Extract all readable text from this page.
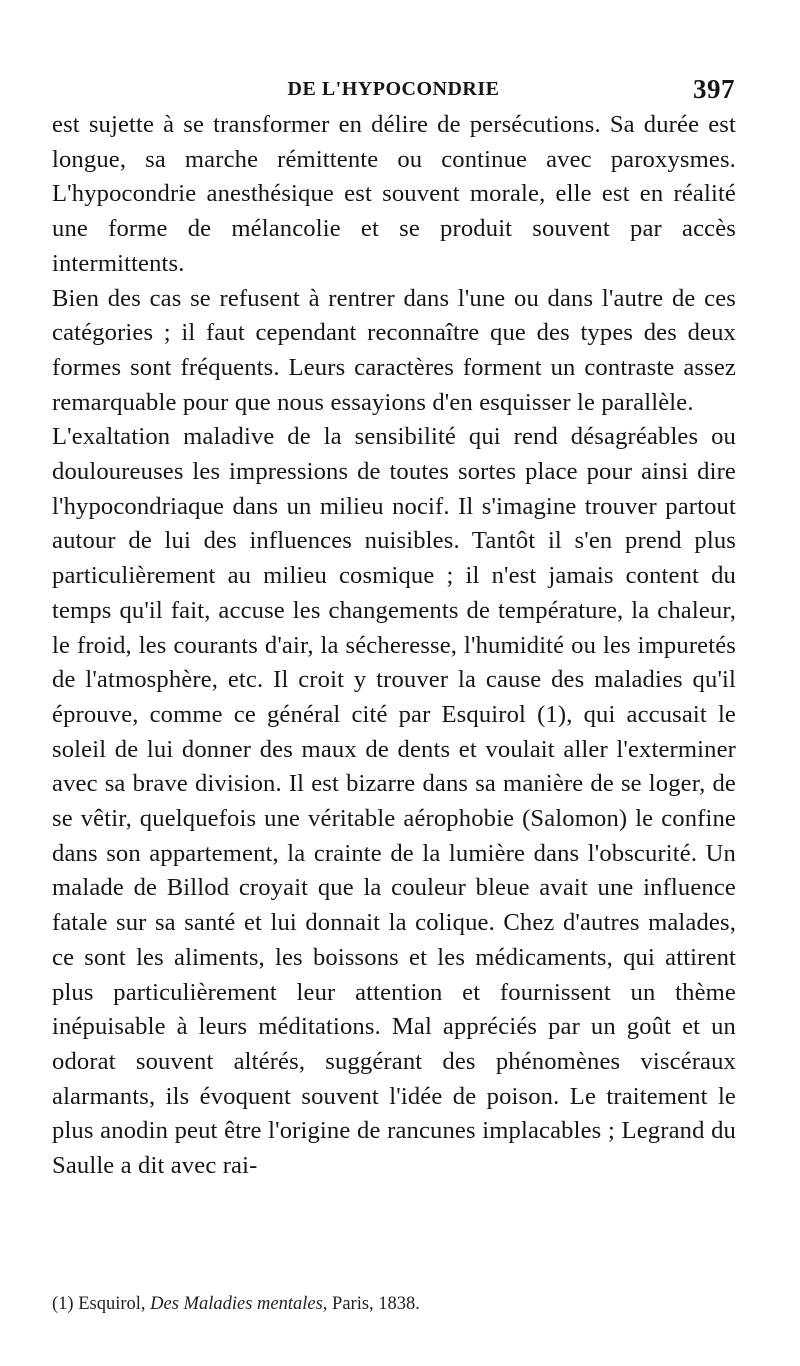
DE L'HYPOCONDRIE	397

est sujette à se transformer en délire de persécutions. Sa durée est longue, sa marche rémittente ou continue avec paroxysmes. L'hypocondrie anesthésique est souvent morale, elle est en réalité une forme de mélancolie et se produit souvent par accès intermittents.

Bien des cas se refusent à rentrer dans l'une ou dans l'autre de ces catégories ; il faut cependant reconnaître que des types des deux formes sont fréquents. Leurs caractères forment un contraste assez remarquable pour que nous essayions d'en esquisser le parallèle.

L'exaltation maladive de la sensibilité qui rend désagréables ou douloureuses les impressions de toutes sortes place pour ainsi dire l'hypocondriaque dans un milieu nocif. Il s'imagine trouver partout autour de lui des influences nuisibles. Tantôt il s'en prend plus particulièrement au milieu cosmique ; il n'est jamais content du temps qu'il fait, accuse les changements de température, la chaleur, le froid, les courants d'air, la sécheresse, l'humidité ou les impuretés de l'atmosphère, etc. Il croit y trouver la cause des maladies qu'il éprouve, comme ce général cité par Esquirol (1), qui accusait le soleil de lui donner des maux de dents et voulait aller l'exterminer avec sa brave division. Il est bizarre dans sa manière de se loger, de se vêtir, quelquefois une véritable aérophobie (Salomon) le confine dans son appartement, la crainte de la lumière dans l'obscurité. Un malade de Billod croyait que la couleur bleue avait une influence fatale sur sa santé et lui donnait la colique. Chez d'autres malades, ce sont les aliments, les boissons et les médicaments, qui attirent plus particulièrement leur attention et fournissent un thème inépuisable à leurs méditations. Mal appréciés par un goût et un odorat souvent altérés, suggérant des phénomènes viscéraux alarmants, ils évoquent souvent l'idée de poison. Le traitement le plus anodin peut être l'origine de rancunes implacables ; Legrand du Saulle a dit avec rai-

(1) Esquirol, Des Maladies mentales, Paris, 1838.
